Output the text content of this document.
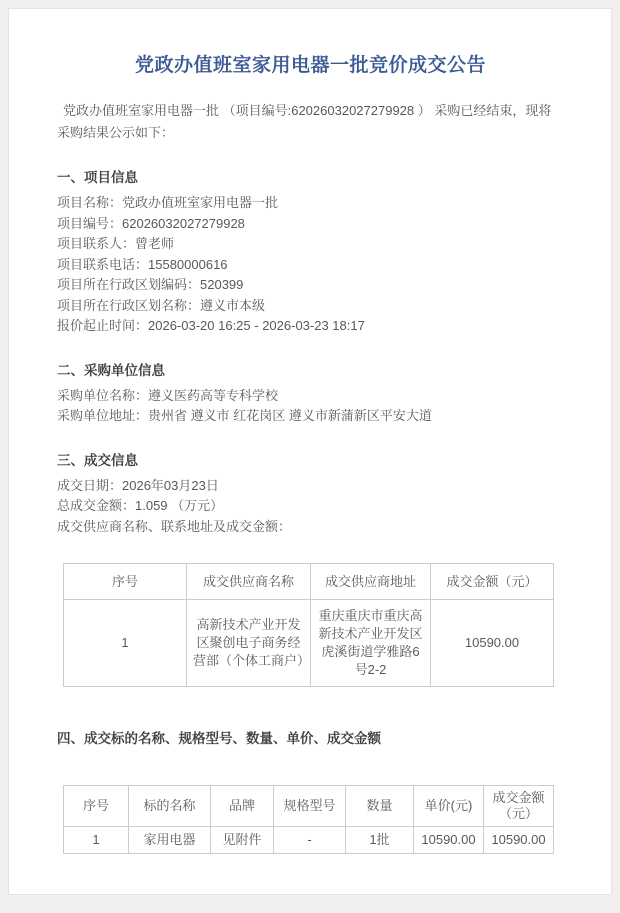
党政办值班室家用电器一批竞价成交公告

党政办值班室家用电器一批 （项目编号:62026032027279928 ） 采购已经结束，现将采购结果公示如下：

一、项目信息
项目名称：党政办值班室家用电器一批
项目编号：62026032027279928
项目联系人：曾老师
项目联系电话：15580000616
项目所在行政区划编码：520399
项目所在行政区划名称：遵义市本级
报价起止时间：2026-03-20 16:25 - 2026-03-23 18:17
二、采购单位信息
采购单位名称：遵义医药高等专科学校
采购单位地址：贵州省 遵义市 红花岗区 遵义市新蒲新区平安大道
三、成交信息
成交日期：2026年03月23日
总成交金额：1.059 （万元）
成交供应商名称、联系地址及成交金额：
序号	成交供应商名称	成交供应商地址	成交金额（元）
1	高新技术产业开发区聚创电子商务经营部（个体工商户）	重庆重庆市重庆高新技术产业开发区虎溪街道学雅路6号2-2	10590.00
四、成交标的名称、规格型号、数量、单价、成交金额
序号	标的名称	品牌	规格型号	数量	单价(元)	成交金额（元）
1	家用电器	见附件	-	1批	10590.00	10590.00
